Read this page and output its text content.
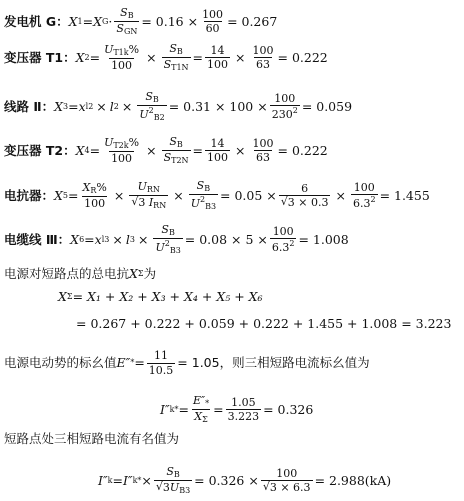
发电机 G： X 1 = X G ·
SB
SGN
= $0.16 \times \frac{100}{60} = 0.267$
变压器 T1： X $2 = \frac{UT1k\%}{100} \times \frac{SB}{ST1N} = \frac{14}{100} \times \frac{100}{63} = 0.222$
线路 Ⅱ： X 3 = x l2 × l $2 \times \frac{SB}{U^2B2} = 0.31 \times 100 \times \frac{100}{230^2} = 0.059$
变压器 T2： X $4 = \frac{UT2k\%}{100} \times \frac{SB}{ST2N} = \frac{14}{100} \times \frac{100}{63} = 0.222$
电抗器： X $5 = \frac{XR\%}{100}$ ×
URN
√ 3 IRN
× $\frac{SB}{U^2B3} = 0.05 \times 6$
√ $3 \times 0.3 \times \frac{100}{6.3^2} = 1.455$
电缆线 Ⅲ： X 6 = x l3 × l $3 \times \frac{SB}{U^2B3} = 0.08 \times 5 \times \frac{100}{6.3^2} = 1.008$
电源对短路点的总电抗 X Σ 为
X Σ = X₁ + X₂ + X₃ + X₄ + X₅ + X₆
= 0.267 + 0.222 + 0.059 + 0.222 + 1.455 + 1.008 = 3.223
电源电动势的标幺值 E″ * = $\frac{11}{10.5} = 1.05$，则三相短路电流标幺值为
I″ $k* = \frac{E''*}{X\Sigma} = \frac{1.05}{3.223} = 0.326$
短路点处三相短路电流有名值为
I″ k = I″ k* × SB
√ 3UB3 = 0.326 × 100
√ 3 × 6.3 = 2.988(kA)
